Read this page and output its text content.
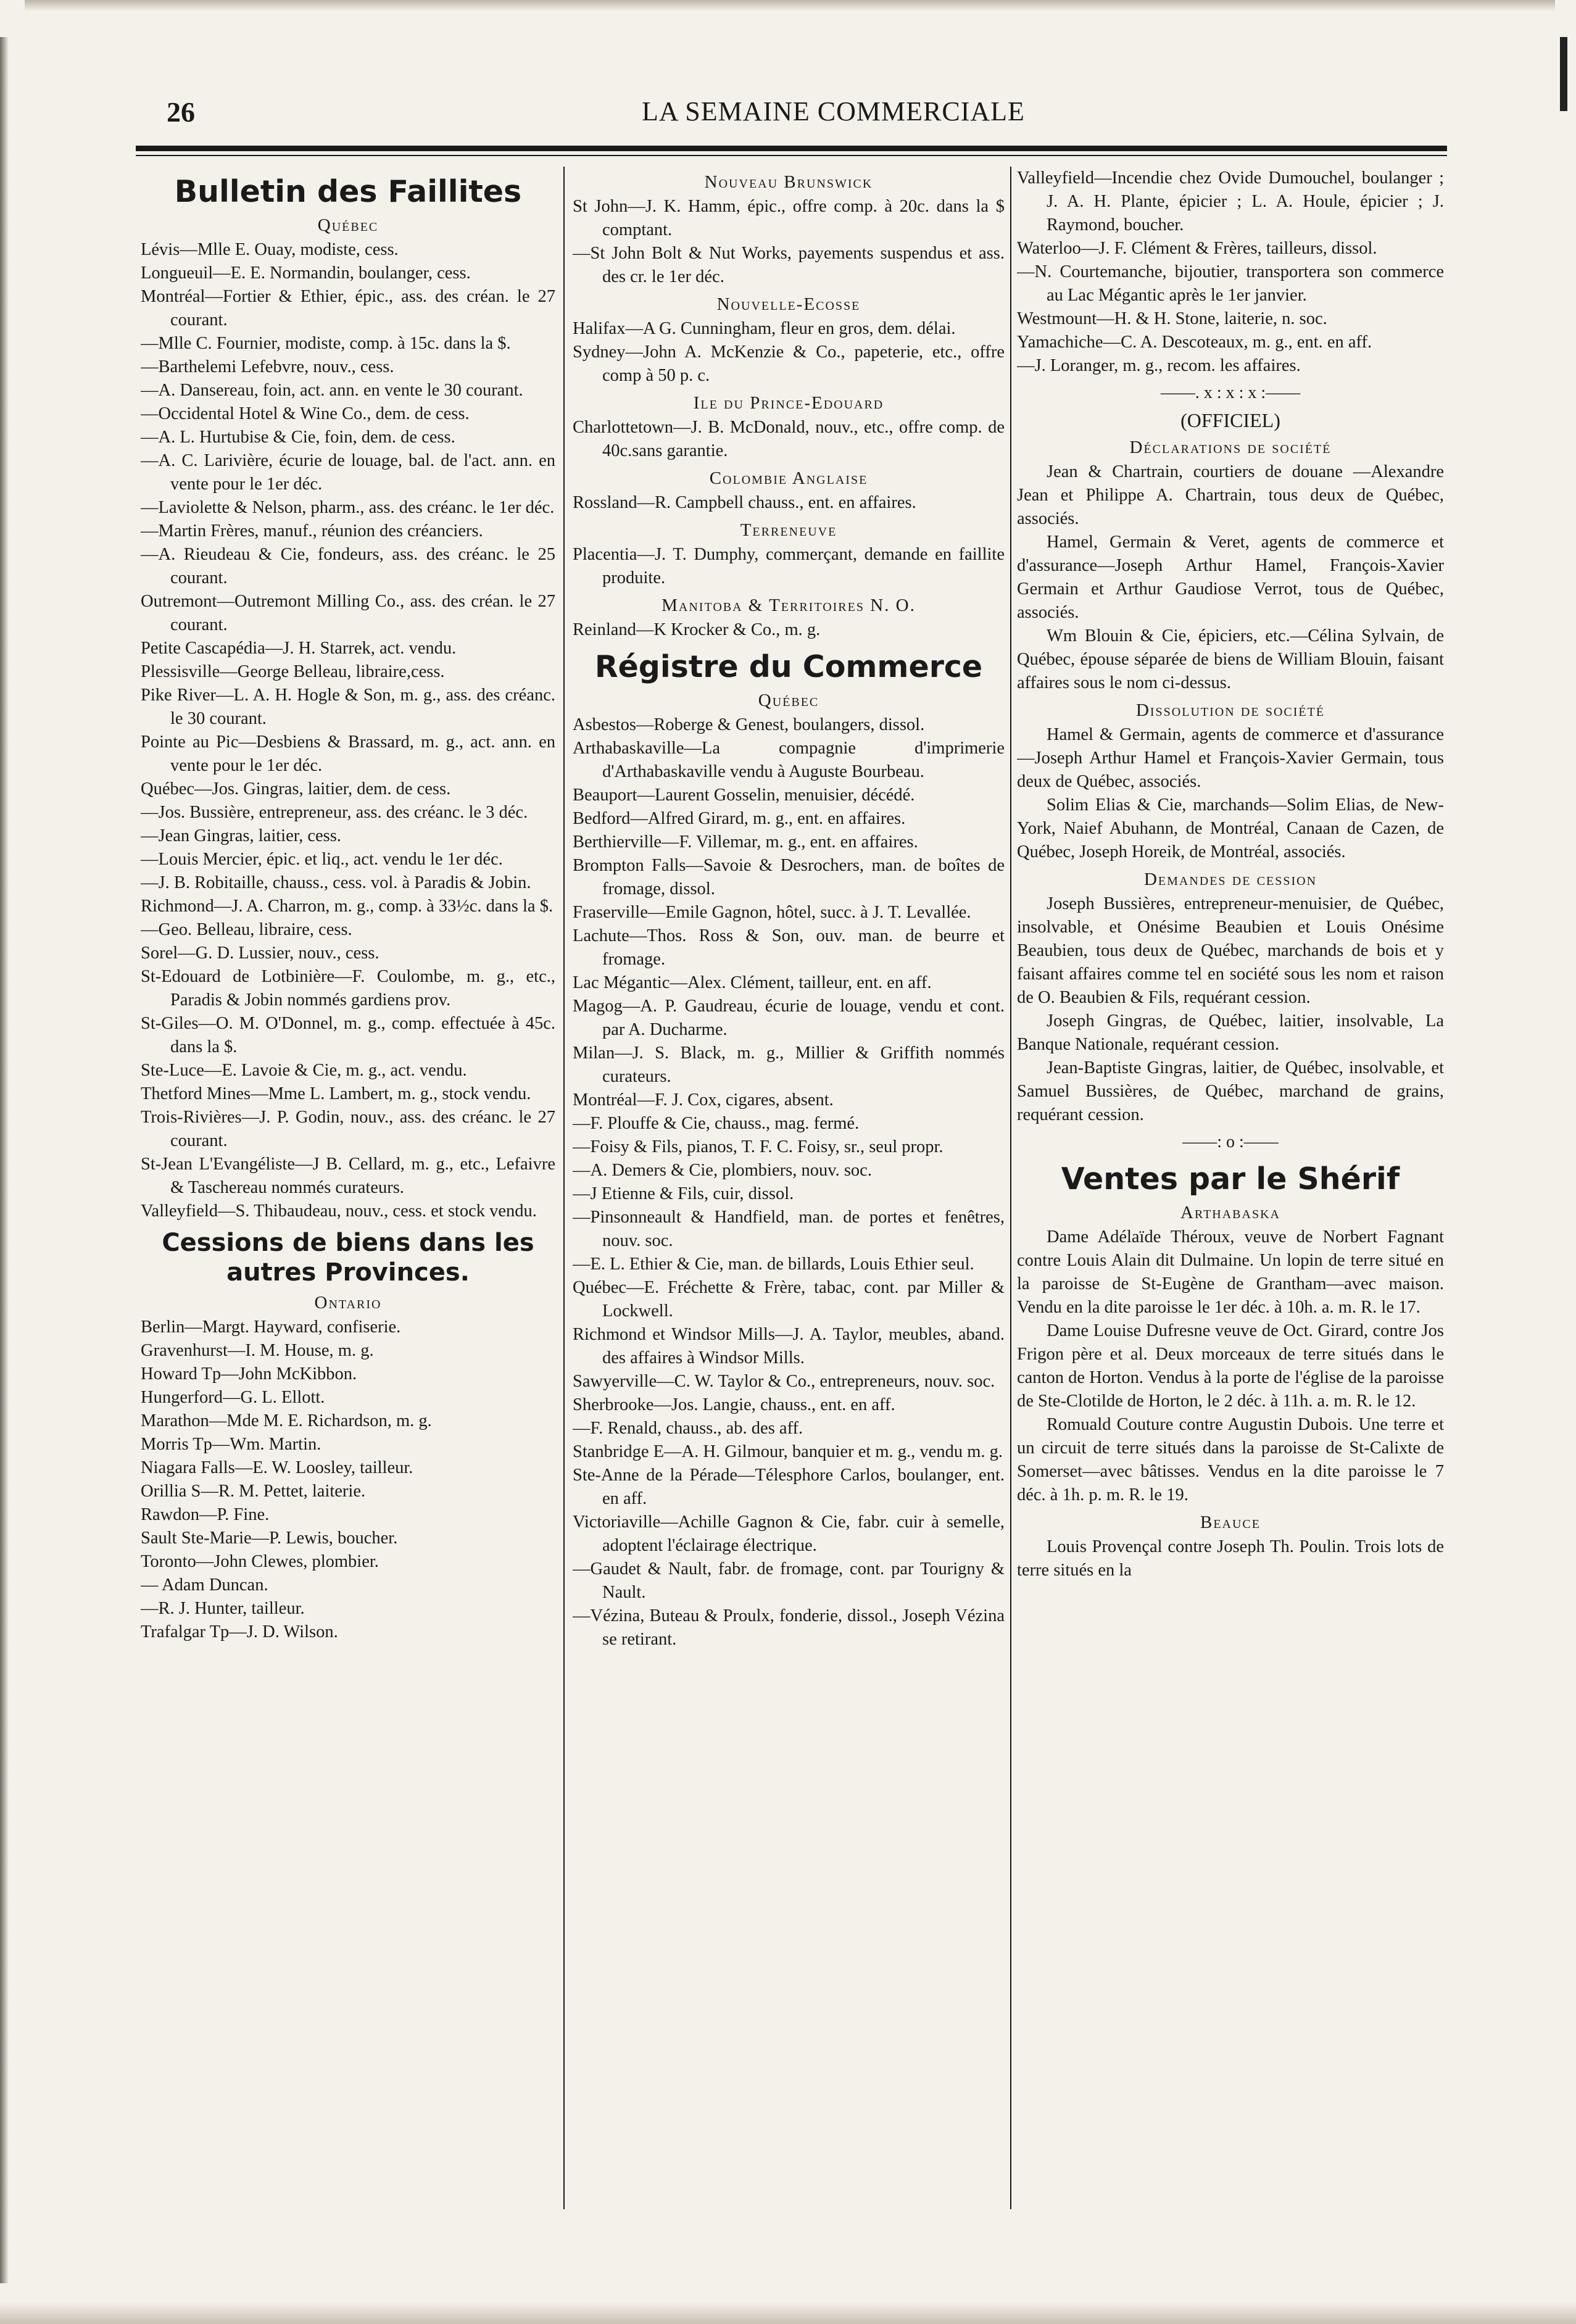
26	LA SEMAINE COMMERCIALE
Bulletin des Faillites
Québec

Lévis—Mlle E. Ouay, modiste, cess.

Longueuil—E. E. Normandin, boulanger, cess.

Montréal—Fortier & Ethier, épic., ass. des créan. le 27 courant.

—Mlle C. Fournier, modiste, comp. à 15c. dans la $.

—Barthelemi Lefebvre, nouv., cess.

—A. Dansereau, foin, act. ann. en vente le 30 courant.

—Occidental Hotel & Wine Co., dem. de cess.

—A. L. Hurtubise & Cie, foin, dem. de cess.

—A. C. Larivière, écurie de louage, bal. de l'act. ann. en vente pour le 1er déc.

—Laviolette & Nelson, pharm., ass. des créanc. le 1er déc.

—Martin Frères, manuf., réunion des créanciers.

—A. Rieudeau & Cie, fondeurs, ass. des créanc. le 25 courant.

Outremont—Outremont Milling Co., ass. des créan. le 27 courant.

Petite Cascapédia—J. H. Starrek, act. vendu.

Plessisville—George Belleau, libraire,cess.

Pike River—L. A. H. Hogle & Son, m. g., ass. des créanc. le 30 courant.

Pointe au Pic—Desbiens & Brassard, m. g., act. ann. en vente pour le 1er déc.

Québec—Jos. Gingras, laitier, dem. de cess.

—Jos. Bussière, entrepreneur, ass. des créanc. le 3 déc.

—Jean Gingras, laitier, cess.

—Louis Mercier, épic. et liq., act. vendu le 1er déc.

—J. B. Robitaille, chauss., cess. vol. à Paradis & Jobin.

Richmond—J. A. Charron, m. g., comp. à 33½c. dans la $.

—Geo. Belleau, libraire, cess.

Sorel—G. D. Lussier, nouv., cess.

St-Edouard de Lotbinière—F. Coulombe, m. g., etc., Paradis & Jobin nommés gardiens prov.

St-Giles—O. M. O'Donnel, m. g., comp. effectuée à 45c. dans la $.

Ste-Luce—E. Lavoie & Cie, m. g., act. vendu.

Thetford Mines—Mme L. Lambert, m. g., stock vendu.

Trois-Rivières—J. P. Godin, nouv., ass. des créanc. le 27 courant.

St-Jean L'Evangéliste—J B. Cellard, m. g., etc., Lefaivre & Taschereau nommés curateurs.

Valleyfield—S. Thibaudeau, nouv., cess. et stock vendu.

Cessions de biens dans les autres Provinces.
Ontario

Berlin—Margt. Hayward, confiserie.

Gravenhurst—I. M. House, m. g.

Howard Tp—John McKibbon.

Hungerford—G. L. Ellott.

Marathon—Mde M. E. Richardson, m. g.

Morris Tp—Wm. Martin.

Niagara Falls—E. W. Loosley, tailleur.

Orillia S—R. M. Pettet, laiterie.

Rawdon—P. Fine.

Sault Ste-Marie—P. Lewis, boucher.

Toronto—John Clewes, plombier.

— Adam Duncan.

—R. J. Hunter, tailleur.

Trafalgar Tp—J. D. Wilson.

Nouveau Brunswick

St John—J. K. Hamm, épic., offre comp. à 20c. dans la $ comptant.

—St John Bolt & Nut Works, payements suspendus et ass. des cr. le 1er déc.

Nouvelle-Ecosse

Halifax—A G. Cunningham, fleur en gros, dem. délai.

Sydney—John A. McKenzie & Co., papeterie, etc., offre comp à 50 p. c.

Ile du Prince-Edouard

Charlottetown—J. B. McDonald, nouv., etc., offre comp. de 40c.sans garantie.

Colombie Anglaise

Rossland—R. Campbell chauss., ent. en affaires.

Terreneuve

Placentia—J. T. Dumphy, commerçant, demande en faillite produite.

Manitoba & Territoires N. O.

Reinland—K Krocker & Co., m. g.

Régistre du Commerce
Québec

Asbestos—Roberge & Genest, boulangers, dissol.

Arthabaskaville—La compagnie d'imprimerie d'Arthabaskaville vendu à Auguste Bourbeau.

Beauport—Laurent Gosselin, menuisier, décédé.

Bedford—Alfred Girard, m. g., ent. en affaires.

Berthierville—F. Villemar, m. g., ent. en affaires.

Brompton Falls—Savoie & Desrochers, man. de boîtes de fromage, dissol.

Fraserville—Emile Gagnon, hôtel, succ. à J. T. Levallée.

Lachute—Thos. Ross & Son, ouv. man. de beurre et fromage.

Lac Mégantic—Alex. Clément, tailleur, ent. en aff.

Magog—A. P. Gaudreau, écurie de louage, vendu et cont. par A. Ducharme.

Milan—J. S. Black, m. g., Millier & Griffith nommés curateurs.

Montréal—F. J. Cox, cigares, absent.

—F. Plouffe & Cie, chauss., mag. fermé.

—Foisy & Fils, pianos, T. F. C. Foisy, sr., seul propr.

—A. Demers & Cie, plombiers, nouv. soc.

—J Etienne & Fils, cuir, dissol.

—Pinsonneault & Handfield, man. de portes et fenêtres, nouv. soc.

—E. L. Ethier & Cie, man. de billards, Louis Ethier seul.

Québec—E. Fréchette & Frère, tabac, cont. par Miller & Lockwell.

Richmond et Windsor Mills—J. A. Taylor, meubles, aband. des affaires à Windsor Mills.

Sawyerville—C. W. Taylor & Co., entrepreneurs, nouv. soc.

Sherbrooke—Jos. Langie, chauss., ent. en aff.

—F. Renald, chauss., ab. des aff.

Stanbridge E—A. H. Gilmour, banquier et m. g., vendu m. g.

Ste-Anne de la Pérade—Télesphore Carlos, boulanger, ent. en aff.

Victoriaville—Achille Gagnon & Cie, fabr. cuir à semelle, adoptent l'éclairage électrique.

—Gaudet & Nault, fabr. de fromage, cont. par Tourigny & Nault.

—Vézina, Buteau & Proulx, fonderie, dissol., Joseph Vézina se retirant.

Valleyfield—Incendie chez Ovide Dumouchel, boulanger ; J. A. H. Plante, épicier ; L. A. Houle, épicier ; J. Raymond, boucher.

Waterloo—J. F. Clément & Frères, tailleurs, dissol.

—N. Courtemanche, bijoutier, transportera son commerce au Lac Mégantic après le 1er janvier.

Westmount—H. & H. Stone, laiterie, n. soc.

Yamachiche—C. A. Descoteaux, m. g., ent. en aff.

—J. Loranger, m. g., recom. les affaires.

——. x : x : x :——
(OFFICIEL)
Déclarations de société

Jean & Chartrain, courtiers de douane —Alexandre Jean et Philippe A. Chartrain, tous deux de Québec, associés.

Hamel, Germain & Veret, agents de commerce et d'assurance—Joseph Arthur Hamel, François-Xavier Germain et Arthur Gaudiose Verrot, tous de Québec, associés.

Wm Blouin & Cie, épiciers, etc.—Célina Sylvain, de Québec, épouse séparée de biens de William Blouin, faisant affaires sous le nom ci-dessus.

Dissolution de société

Hamel & Germain, agents de commerce et d'assurance—Joseph Arthur Hamel et François-Xavier Germain, tous deux de Québec, associés.

Solim Elias & Cie, marchands—Solim Elias, de New-York, Naief Abuhann, de Montréal, Canaan de Cazen, de Québec, Joseph Horeik, de Montréal, associés.

Demandes de cession

Joseph Bussières, entrepreneur-menuisier, de Québec, insolvable, et Onésime Beaubien et Louis Onésime Beaubien, tous deux de Québec, marchands de bois et y faisant affaires comme tel en société sous les nom et raison de O. Beaubien & Fils, requérant cession.

Joseph Gingras, de Québec, laitier, insolvable, La Banque Nationale, requérant cession.

Jean-Baptiste Gingras, laitier, de Québec, insolvable, et Samuel Bussières, de Québec, marchand de grains, requérant cession.

——: o :——
Ventes par le Shérif
Arthabaska

Dame Adélaïde Théroux, veuve de Norbert Fagnant contre Louis Alain dit Dulmaine. Un lopin de terre situé en la paroisse de St-Eugène de Grantham—avec maison. Vendu en la dite paroisse le 1er déc. à 10h. a. m. R. le 17.

Dame Louise Dufresne veuve de Oct. Girard, contre Jos Frigon père et al. Deux morceaux de terre situés dans le canton de Horton. Vendus à la porte de l'église de la paroisse de Ste-Clotilde de Horton, le 2 déc. à 11h. a. m. R. le 12.

Romuald Couture contre Augustin Dubois. Une terre et un circuit de terre situés dans la paroisse de St-Calixte de Somerset—avec bâtisses. Vendus en la dite paroisse le 7 déc. à 1h. p. m. R. le 19.

Beauce

Louis Provençal contre Joseph Th. Poulin. Trois lots de terre situés en la
